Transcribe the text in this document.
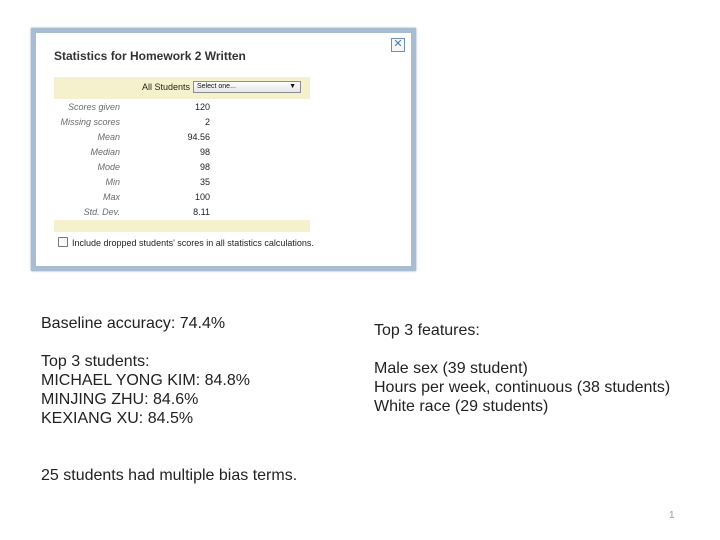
✕
Statistics for Homework 2 Written
All Students Select one...	▼
Scores given	120
Missing scores	2
Mean	94.56
Median	98
Mode	98
Min	35
Max	100
Std. Dev.	8.11
Include dropped students' scores in all statistics calculations.
Baseline accuracy: 74.4%
Top 3 students:
MICHAEL YONG KIM: 84.8%
MINJING ZHU: 84.6%
KEXIANG XU: 84.5%
25 students had multiple bias terms.
Top 3 features:
Male sex (39 student)
Hours per week, continuous (38 students)
White race (29 students)
1
